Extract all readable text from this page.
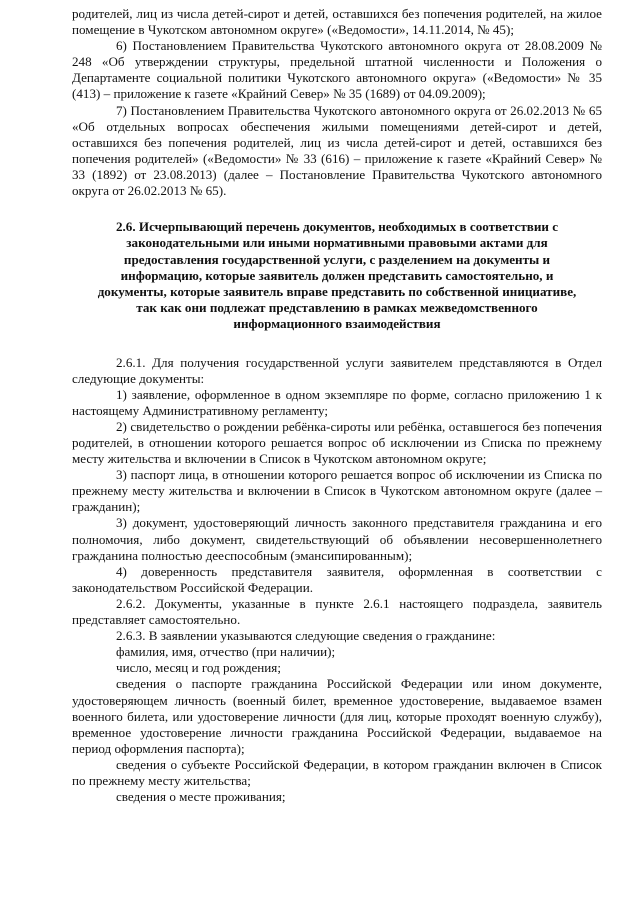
родителей, лиц из числа детей-сирот и детей, оставшихся без попечения родителей, на жилое помещение в Чукотском автономном округе» («Ведомости», 14.11.2014, № 45);

6) Постановлением Правительства Чукотского автономного округа от 28.08.2009 № 248 «Об утверждении структуры, предельной штатной численности и Положения о Департаменте социальной политики Чукотского автономного округа» («Ведомости» № 35 (413) – приложение к газете «Крайний Север» № 35 (1689) от 04.09.2009);

7) Постановлением Правительства Чукотского автономного округа от 26.02.2013 № 65 «Об отдельных вопросах обеспечения жилыми помещениями детей-сирот и детей, оставшихся без попечения родителей, лиц из числа детей-сирот и детей, оставшихся без попечения родителей» («Ведомости» № 33 (616) – приложение к газете «Крайний Север» № 33 (1892) от 23.08.2013) (далее – Постановление Правительства Чукотского автономного округа от 26.02.2013 № 65).

2.6. Исчерпывающий перечень документов, необходимых в соответствии с
законодательными или иными нормативными правовыми актами для
предоставления государственной услуги, с разделением на документы и
информацию, которые заявитель должен представить самостоятельно, и
документы, которые заявитель вправе представить по собственной инициативе,
так как они подлежат представлению в рамках межведомственного
информационного взаимодействия

2.6.1. Для получения государственной услуги заявителем представляются в Отдел следующие документы:

1) заявление, оформленное в одном экземпляре по форме, согласно приложению 1 к настоящему Административному регламенту;

2) свидетельство о рождении ребёнка-сироты или ребёнка, оставшегося без попечения родителей, в отношении которого решается вопрос об исключении из Списка по прежнему месту жительства и включении в Список в Чукотском автономном округе;

3) паспорт лица, в отношении которого решается вопрос об исключении из Списка по прежнему месту жительства и включении в Список в Чукотском автономном округе (далее – гражданин);

3) документ, удостоверяющий личность законного представителя гражданина и его полномочия, либо документ, свидетельствующий об объявлении несовершеннолетнего гражданина полностью дееспособным (эмансипированным);

4) доверенность представителя заявителя, оформленная в соответствии с законодательством Российской Федерации.

2.6.2. Документы, указанные в пункте 2.6.1 настоящего подраздела, заявитель представляет самостоятельно.

2.6.3. В заявлении указываются следующие сведения о гражданине:

фамилия, имя, отчество (при наличии);

число, месяц и год рождения;

сведения о паспорте гражданина Российской Федерации или ином документе, удостоверяющем личность (военный билет, временное удостоверение, выдаваемое взамен военного билета, или удостоверение личности (для лиц, которые проходят военную службу), временное удостоверение личности гражданина Российской Федерации, выдаваемое на период оформления паспорта);

сведения о субъекте Российской Федерации, в котором гражданин включен в Список по прежнему месту жительства;

сведения о месте проживания;
